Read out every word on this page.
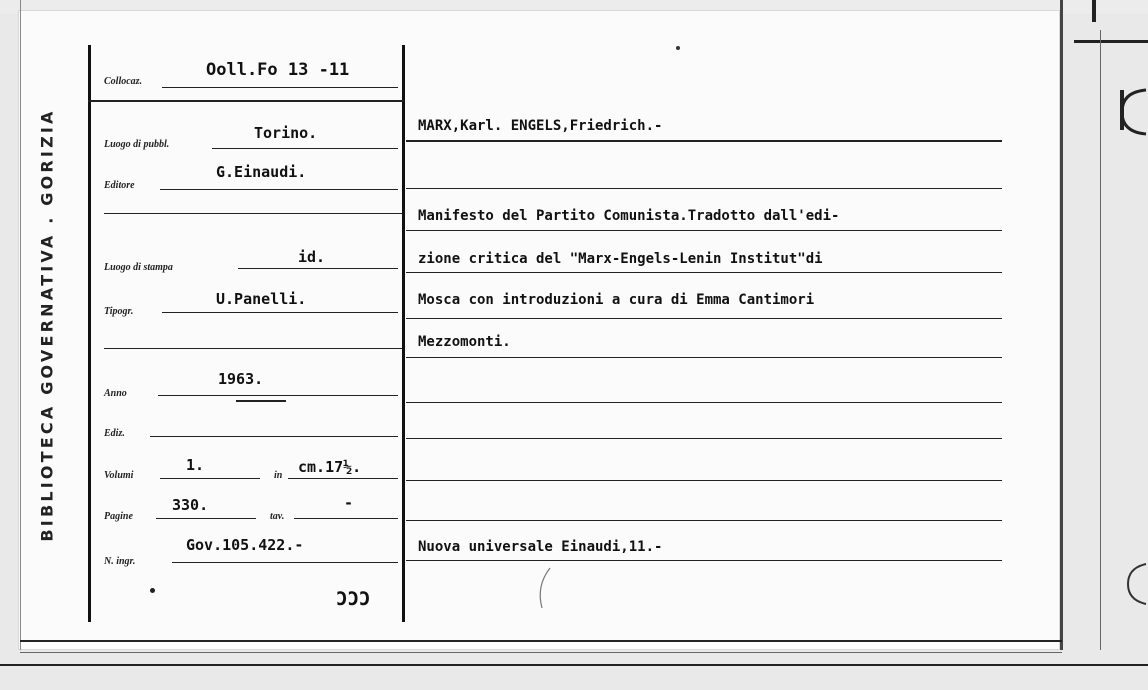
BIBLIOTECA GOVERNATIVA . GORIZIA
Collocaz.
Ooll.Fo 13 -11
Luogo di pubbl.
Torino.
Editore
G.Einaudi.
Luogo di stampa
id.
Tipogr.
U.Panelli.
Anno
1963.
Ediz.
Volumi
1.
in cm.17½.
Pagine
330.
tav.
-
N. ingr.
Gov.105.422.-
ƆƆƆ
MARX,Karl. ENGELS,Friedrich.-
Manifesto del Partito Comunista.Tradotto dall'edi-
zione critica del "Marx-Engels-Lenin Institut"di
Mosca con introduzioni a cura di Emma Cantimori
Mezzomonti.
Nuova universale Einaudi,11.-
